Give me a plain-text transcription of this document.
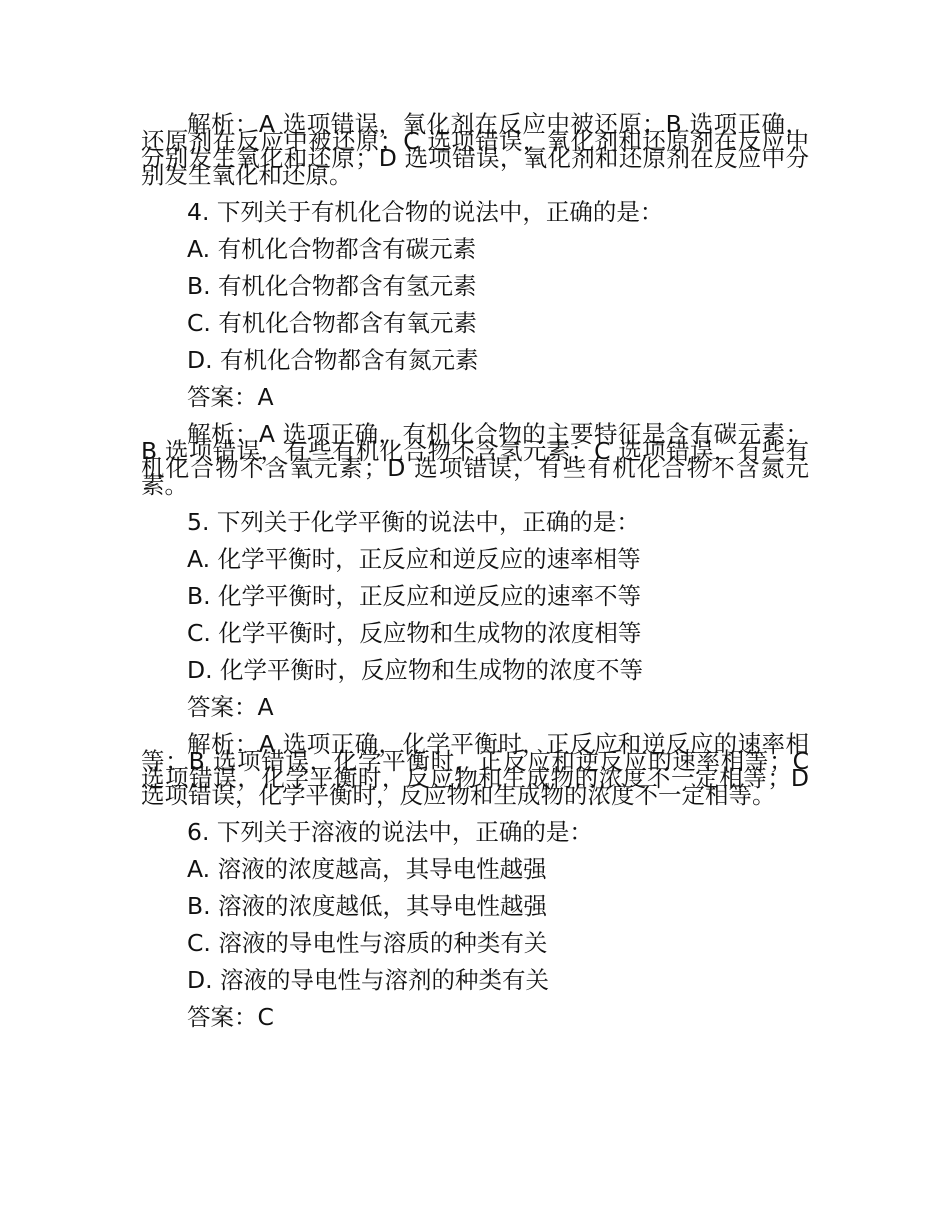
解析：A 选项错误，氧化剂在反应中被还原；B 选项正确，还原剂在反应中被还原；C 选项错误，氧化剂和还原剂在反应中分别发生氧化和还原；D 选项错误，氧化剂和还原剂在反应中分别发生氧化和还原。

4. 下列关于有机化合物的说法中，正确的是：

A. 有机化合物都含有碳元素

B. 有机化合物都含有氢元素

C. 有机化合物都含有氧元素

D. 有机化合物都含有氮元素

答案：A

解析：A 选项正确，有机化合物的主要特征是含有碳元素；B 选项错误，有些有机化合物不含氢元素；C 选项错误，有些有机化合物不含氧元素；D 选项错误，有些有机化合物不含氮元素。

5. 下列关于化学平衡的说法中，正确的是：

A. 化学平衡时，正反应和逆反应的速率相等

B. 化学平衡时，正反应和逆反应的速率不等

C. 化学平衡时，反应物和生成物的浓度相等

D. 化学平衡时，反应物和生成物的浓度不等

答案：A

解析：A 选项正确，化学平衡时，正反应和逆反应的速率相等；B 选项错误，化学平衡时，正反应和逆反应的速率相等；C 选项错误，化学平衡时，反应物和生成物的浓度不一定相等；D 选项错误，化学平衡时，反应物和生成物的浓度不一定相等。

6. 下列关于溶液的说法中，正确的是：

A. 溶液的浓度越高，其导电性越强

B. 溶液的浓度越低，其导电性越强

C. 溶液的导电性与溶质的种类有关

D. 溶液的导电性与溶剂的种类有关

答案：C
